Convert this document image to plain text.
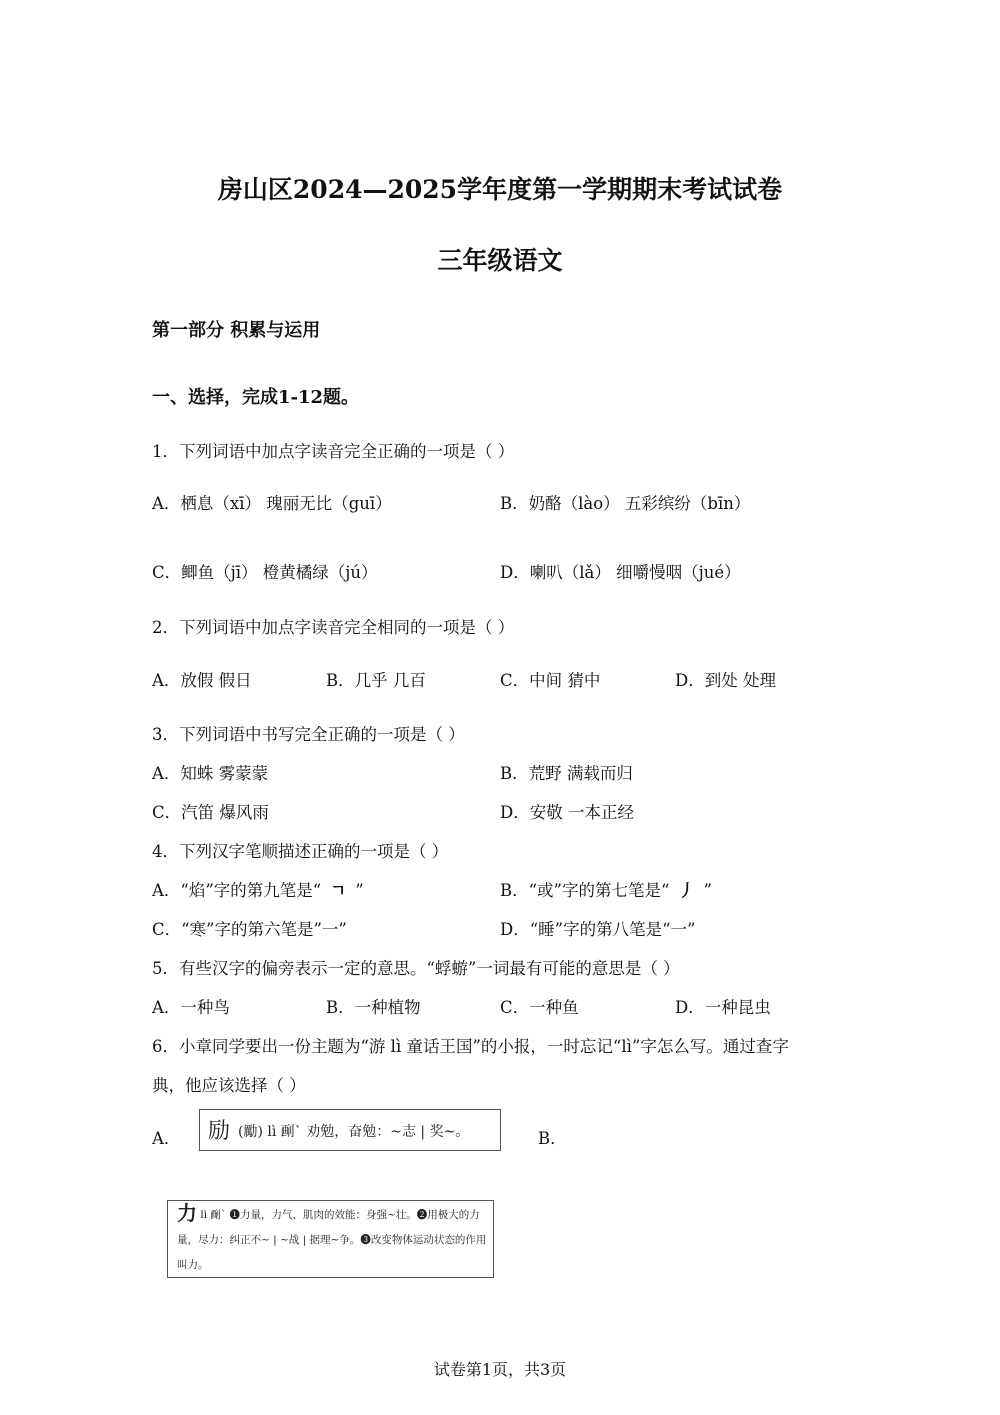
房山区2024—2025学年度第一学期期末考试试卷
三年级语文
第一部分 积累与运用
一、选择，完成1-12题。
1．下列词语中加点字读音完全正确的一项是（ ）
A．栖息（xī） 瑰丽无比（guī）	B．奶酪（lào） 五彩缤纷（bīn）
C．鲫鱼（jī） 橙黄橘绿（jú）	D．喇叭（lǎ） 细嚼慢咽（jué）
2．下列词语中加点字读音完全相同的一项是（ ）
A．放假 假日	B．几乎 几百	C．中间 猜中	D．到处 处理
3．下列词语中书写完全正确的一项是（ ）
A．知蛛 雾蒙蒙	B．荒野 满载而归
C．汽笛 爆风雨	D．安敬 一本正经
4．下列汉字笔顺描述正确的一项是（ ）
A．“焰”字的第九笔是“ ㄱ ”	B．“或”字的第七笔是“ 丿 ”
C．“寒”字的第六笔是”一”	D．“睡”字的第八笔是“一”
5．有些汉字的偏旁表示一定的意思。“蜉蝣”一词最有可能的意思是（ ）
A．一种鸟	B．一种植物	C．一种鱼	D．一种昆虫
6．小章同学要出一份主题为“游 lì 童话王国”的小报，一时忘记“lì”字怎么写。通过查字
典，他应该选择（ ）
A． 励 (勵) lì 㓰ˋ 劝勉，奋勉：~志 | 奖~。	B．
力 lì 㓰ˋ ❶力量，力气，肌肉的效能：身强~壮。❷用极大的力量，尽力：纠正不~ | ~战 | 据理~争。❸改变物体运动状态的作用叫力。
试卷第1页，共3页
